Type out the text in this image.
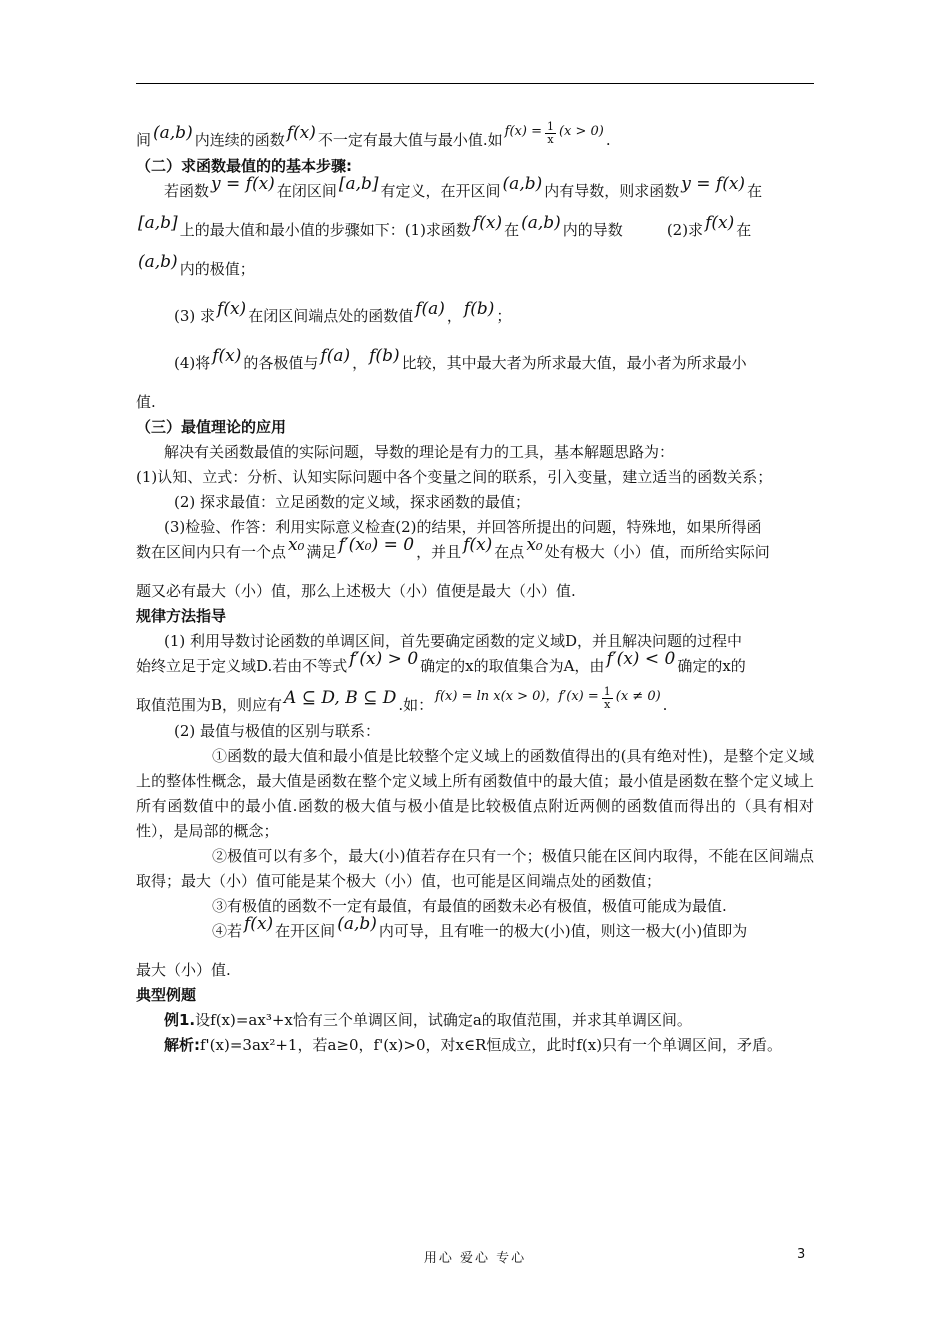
间 (a,b) 内连续的函数 f(x) 不一定有最大值与最小值.如 $f(x) = \frac{1}{x} (x > 0)$ .
（二）求函数最值的的基本步骤:
若函数 y = f(x) 在闭区间 [a,b] 有定义，在开区间 (a,b) 内有导数，则求函数 y = f(x) 在
[a,b] 上的最大值和最小值的步骤如下：(1)求函数 f(x) 在 (a,b) 内的导数	(2)求 f(x) 在
(a,b) 内的极值；
(3) 求 f(x) 在闭区间端点处的函数值 f(a) ， f(b) ；
(4)将 f(x) 的各极值与 f(a) ， f(b) 比较，其中最大者为所求最大值，最小者为所求最小
值.
（三）最值理论的应用
解决有关函数最值的实际问题，导数的理论是有力的工具，基本解题思路为：
(1)认知、立式：分析、认知实际问题中各个变量之间的联系，引入变量，建立适当的函数关系；
(2) 探求最值：立足函数的定义域，探求函数的最值；
(3)检验、作答：利用实际意义检查(2)的结果，并回答所提出的问题，特殊地，如果所得函
数在区间内只有一个点 x₀ 满足 f′(x₀) = 0 ，并且 f(x) 在点 x₀ 处有极大（小）值，而所给实际问
题又必有最大（小）值，那么上述极大（小）值便是最大（小）值.
规律方法指导
(1) 利用导数讨论函数的单调区间，首先要确定函数的定义域D，并且解决问题的过程中
始终立足于定义域D.若由不等式 f′(x) > 0 确定的x的取值集合为A，由 f′(x) < 0 确定的x的
取值范围为B，则应有 A ⊆ D, B ⊆ D .如： f(x) = ln x(x > 0)，$f'(x) = \frac{1}{x} (x \ne 0)$ .
(2) 最值与极值的区别与联系：
①函数的最大值和最小值是比较整个定义域上的函数值得出的(具有绝对性)，是整个定义域上的整体性概念，最大值是函数在整个定义域上所有函数值中的最大值；最小值是函数在整个定义域上所有函数值中的最小值.函数的极大值与极小值是比较极值点附近两侧的函数值而得出的（具有相对性），是局部的概念；
②极值可以有多个，最大(小)值若存在只有一个；极值只能在区间内取得，不能在区间端点取得；最大（小）值可能是某个极大（小）值，也可能是区间端点处的函数值；
③有极值的函数不一定有最值，有最值的函数未必有极值，极值可能成为最值.
④若 f(x) 在开区间 (a,b) 内可导，且有唯一的极大(小)值，则这一极大(小)值即为
最大（小）值.
典型例题
例1.设f(x)=ax³+x恰有三个单调区间，试确定a的取值范围，并求其单调区间。
解析:f'(x)=3ax²+1，若a≥0，f'(x)>0，对x∈R恒成立，此时f(x)只有一个单调区间，矛盾。
用心 爱心 专心	3
